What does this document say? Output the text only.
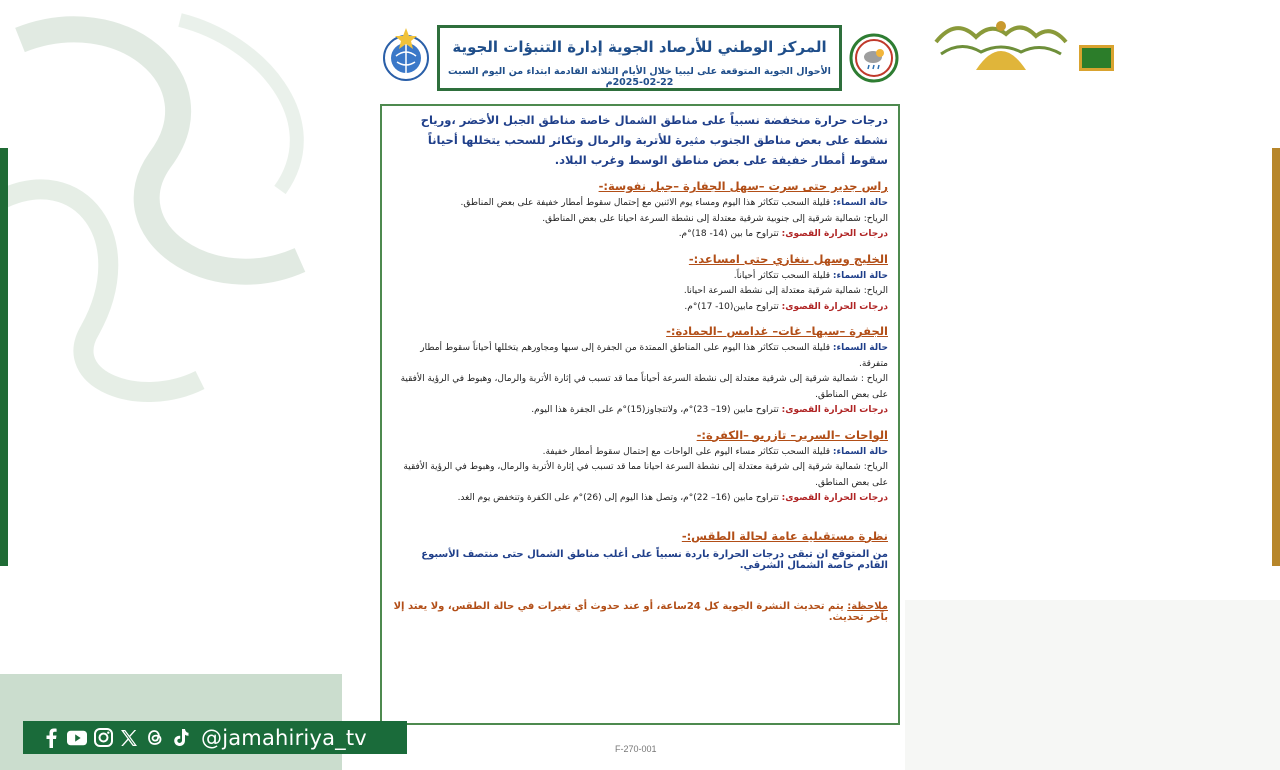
المركز الوطني للأرصاد الجوية إدارة التنبؤات الجوية
الأحوال الجوية المتوقعة على ليبيا خلال الأيام الثلاثة القادمة ابتداء من اليوم السبت 22-02-2025م
درجات حرارة منخفضة نسبياً على مناطق الشمال خاصة مناطق الجبل الأخضر ،ورياح نشطة على بعض مناطق الجنوب مثيرة للأتربة والرمال وتكاثر للسحب يتخللها أحياناً سقوط أمطار خفيفة على بعض مناطق الوسط وغرب البلاد.
راس جدير حتى سرت –سهل الجفارة –جبل نفوسة:-
حالة السماء: قليلة السحب تتكاثر هذا اليوم ومساء يوم الاثنين مع إحتمال سقوط أمطار خفيفة على بعض المناطق.
الرياح: شمالية شرقية إلى جنوبية شرقية معتدلة إلى نشطة السرعة احيانا على بعض المناطق.
درجات الحرارة القصوى: تتراوح ما بين (14- 18)°م.
الخليج وسهل بنغازي حتى امساعد:-
حالة السماء: قليلة السحب تتكاثر أحياناً.
الرياح: شمالية شرقية معتدلة إلى نشطة السرعة احيانا.
درجات الحرارة القصوى: تتراوح مابين(10- 17)°م.
الجفرة –سبها– غات– غدامس –الحمادة:-
حالة السماء: قليلة السحب تتكاثر هذا اليوم على المناطق الممتدة من الجفرة إلى سبها ومجاورهم يتخللها أحياناً سقوط أمطار متفرقة.
الرياح : شمالية شرقية إلى شرقية معتدلة إلى نشطة السرعة أحياناً مما قد تسبب في إثارة الأتربة والرمال، وهبوط في الرؤية الأفقية على بعض المناطق.
درجات الحرارة القصوى: تتراوح مابين (19– 23)°م، ولاتتجاوز(15)°م على الجفرة هذا اليوم.
الواحات –السرير– تازربو –الكفرة:-
حالة السماء: قليلة السحب تتكاثر مساء اليوم على الواحات مع إحتمال سقوط أمطار خفيفة.
الرياح: شمالية شرقية إلى شرقية معتدلة إلى نشطة السرعة احيانا مما قد تسبب في إثارة الأتربة والرمال، وهبوط في الرؤية الأفقية على بعض المناطق.
درجات الحرارة القصوى: تتراوح مابين (16– 22)°م، وتصل هذا اليوم إلى (26)°م على الكفرة وتنخفض يوم الغد.
نظرة مستقبلية عامة لحالة الطقس:-
من المتوقع ان تبقى درجات الحرارة باردة نسبياً على أغلب مناطق الشمال حتى منتصف الأسبوع القادم خاصة الشمال الشرقي.
ملاحظة: يتم تحديث النشرة الجوية كل 24ساعة، أو عند حدوث أي تغيرات في حالة الطقس، ولا يعتد إلا بآخر تحديث.
F-270-001
@jamahiriya_tv
